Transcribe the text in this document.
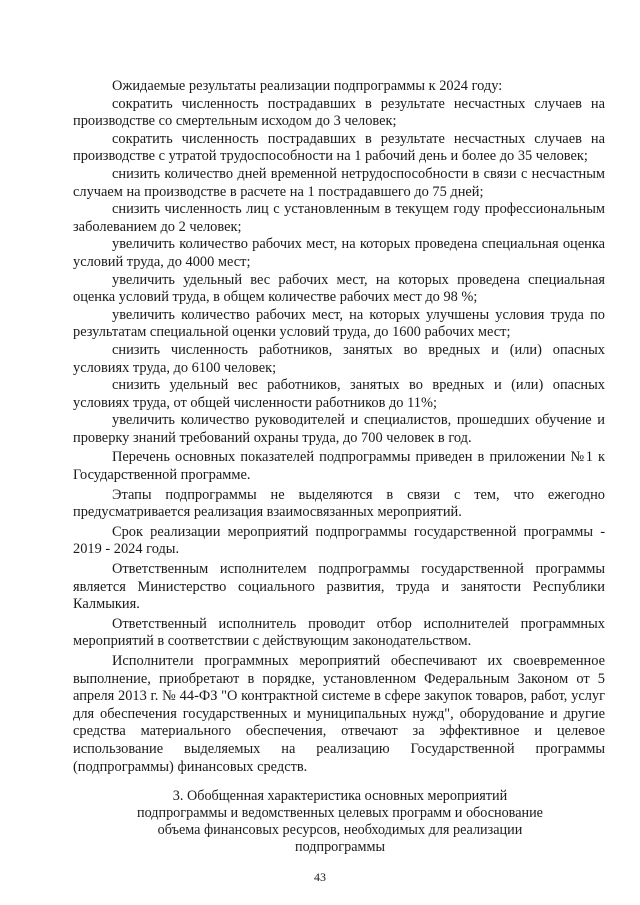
Ожидаемые результаты реализации подпрограммы к 2024 году:

сократить численность пострадавших в результате несчастных случаев на производстве со смертельным исходом до 3 человек;

сократить численность пострадавших в результате несчастных случаев на производстве с утратой трудоспособности на 1 рабочий день и более до 35 человек;

снизить количество дней временной нетрудоспособности в связи с несчастным случаем на производстве в расчете на 1 пострадавшего до 75 дней;

снизить численность лиц с установленным в текущем году профессиональным заболеванием до 2 человек;

увеличить количество рабочих мест, на которых проведена специальная оценка условий труда, до 4000 мест;

увеличить удельный вес рабочих мест, на которых проведена специальная оценка условий труда, в общем количестве рабочих мест до 98 %;

увеличить количество рабочих мест, на которых улучшены условия труда по результатам специальной оценки условий труда, до 1600 рабочих мест;

снизить численность работников, занятых во вредных и (или) опасных условиях труда, до 6100 человек;

снизить удельный вес работников, занятых во вредных и (или) опасных условиях труда, от общей численности работников до 11%;

увеличить количество руководителей и специалистов, прошедших обучение и проверку знаний требований охраны труда, до 700 человек в год.

Перечень основных показателей подпрограммы приведен в приложении №1 к Государственной программе.

Этапы подпрограммы не выделяются в связи с тем, что ежегодно предусматривается реализация взаимосвязанных мероприятий.

Срок реализации мероприятий подпрограммы государственной программы - 2019 - 2024 годы.

Ответственным исполнителем подпрограммы государственной программы является Министерство социального развития, труда и занятости Республики Калмыкия.

Ответственный исполнитель проводит отбор исполнителей программных мероприятий в соответствии с действующим законодательством.

Исполнители программных мероприятий обеспечивают их своевременное выполнение, приобретают в порядке, установленном Федеральным Законом от 5 апреля 2013 г. № 44-ФЗ "О контрактной системе в сфере закупок товаров, работ, услуг для обеспечения государственных и муниципальных нужд", оборудование и другие средства материального обеспечения, отвечают за эффективное и целевое использование выделяемых на реализацию Государственной программы (подпрограммы) финансовых средств.

3. Обобщенная характеристика основных мероприятий
подпрограммы и ведомственных целевых программ и обоснование
объема финансовых ресурсов, необходимых для реализации
подпрограммы
43
